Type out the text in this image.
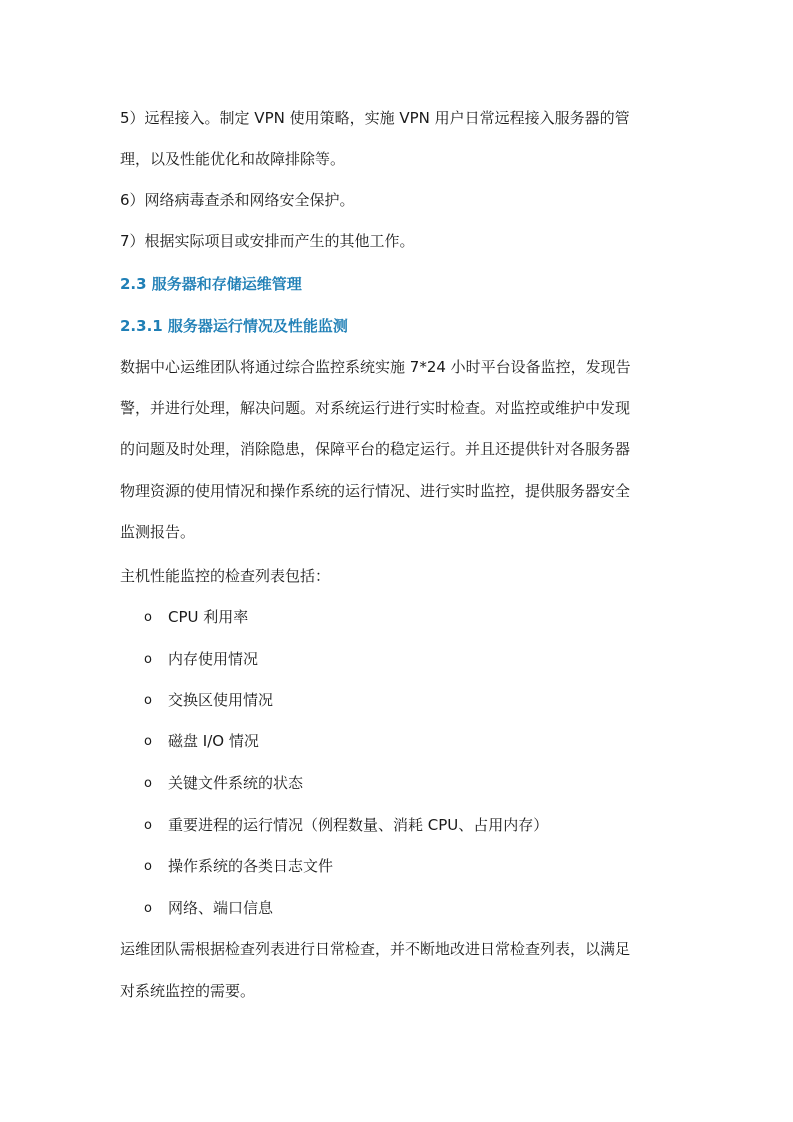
5）远程接入。制定 VPN 使用策略，实施 VPN 用户日常远程接入服务器的管
理，以及性能优化和故障排除等。
6）网络病毒查杀和网络安全保护。
7）根据实际项目或安排而产生的其他工作。
2.3 服务器和存储运维管理
2.3.1 服务器运行情况及性能监测
数据中心运维团队将通过综合监控系统实施 7*24 小时平台设备监控，发现告
警，并进行处理，解决问题。对系统运行进行实时检查。对监控或维护中发现
的问题及时处理，消除隐患，保障平台的稳定运行。并且还提供针对各服务器
物理资源的使用情况和操作系统的运行情况、进行实时监控，提供服务器安全
监测报告。
主机性能监控的检查列表包括：
o CPU 利用率
o 内存使用情况
o 交换区使用情况
o 磁盘 I/O 情况
o 关键文件系统的状态
o 重要进程的运行情况（例程数量、消耗 CPU、占用内存）
o 操作系统的各类日志文件
o 网络、端口信息
运维团队需根据检查列表进行日常检查，并不断地改进日常检查列表，以满足
对系统监控的需要。
